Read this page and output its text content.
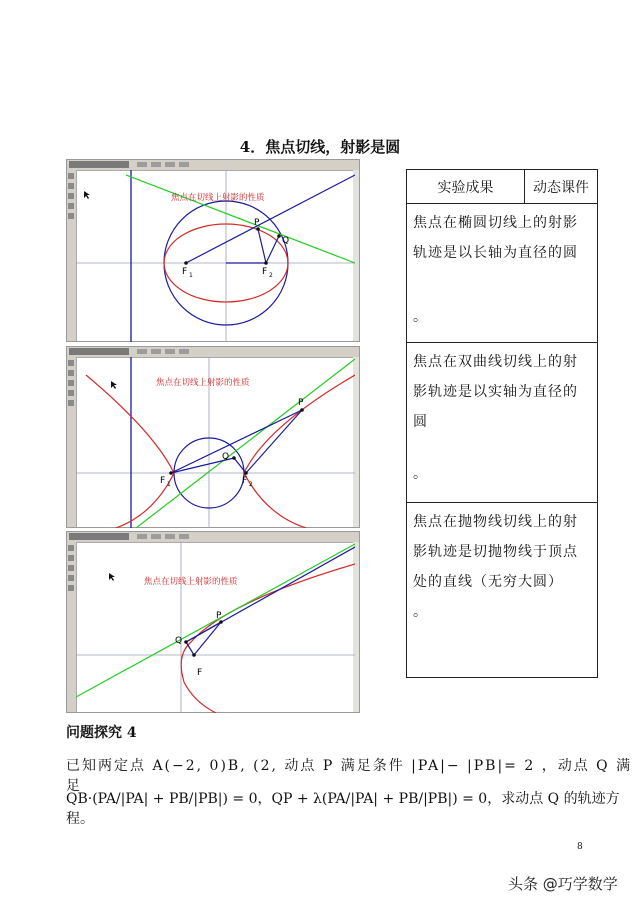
4．焦点切线，射影是圆
焦点在切线上射影的性质
P
Q
F 1	F 2
焦点在切线上射影的性质
P
Q
F 1	F 2
焦点在切线上射影的性质
P
Q
F
实验成果	动态课件

焦点在椭圆切线上的射影轨迹是以长轴为直径的圆
。

焦点在双曲线切线上的射影轨迹是以实轴为直径的圆
。

焦点在抛物线切线上的射影轨迹是切抛物线于顶点处的直线（无穷大圆）
。
问题探究 4
已知两定点 A(−2, 0)B, (2, 动点 P 满足条件 |PA|− |PB|= 2 ，动点 Q 满足
QB·(PA/|PA| + PB/|PB|) = 0，QP + λ(PA/|PA| + PB/|PB|) = 0，求动点 Q 的轨迹方程。
8
头条 @巧学数学
